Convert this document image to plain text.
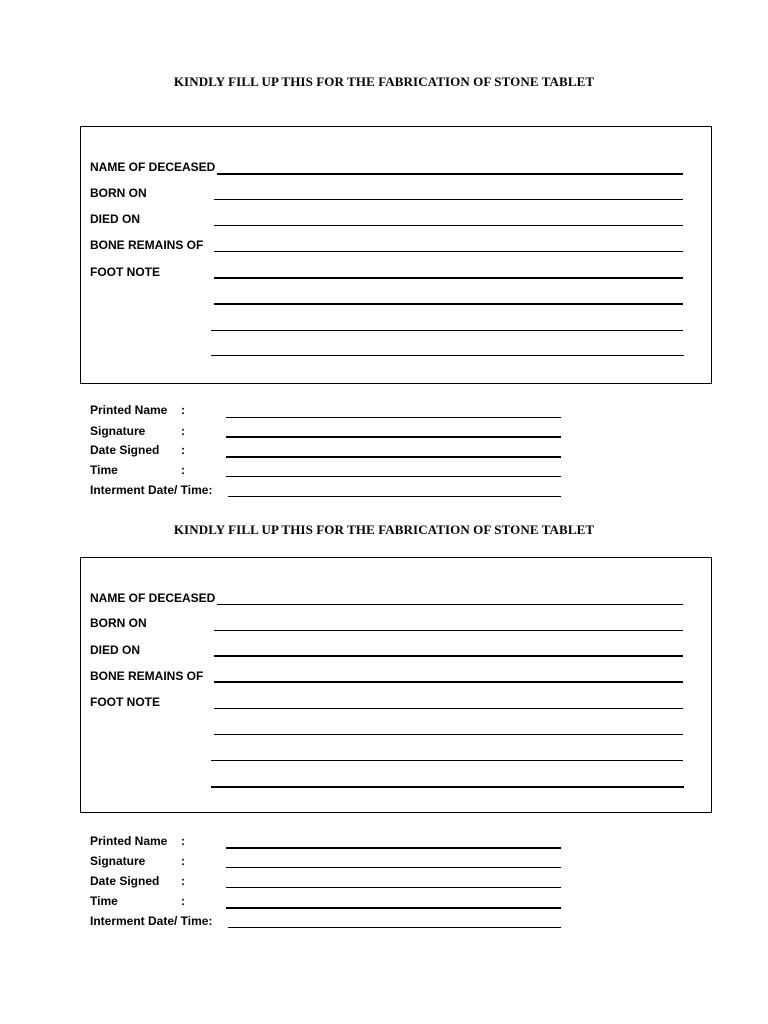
KINDLY FILL UP THIS FOR THE FABRICATION OF STONE TABLET
NAME OF DECEASED
BORN ON
DIED ON
BONE REMAINS OF
FOOT NOTE
Printed Name :
Signature	:
Date Signed :
Time	:
Interment Date/ Time:
KINDLY FILL UP THIS FOR THE FABRICATION OF STONE TABLET
NAME OF DECEASED
BORN ON
DIED ON
BONE REMAINS OF
FOOT NOTE
Printed Name :
Signature	:
Date Signed :
Time	:
Interment Date/ Time:
